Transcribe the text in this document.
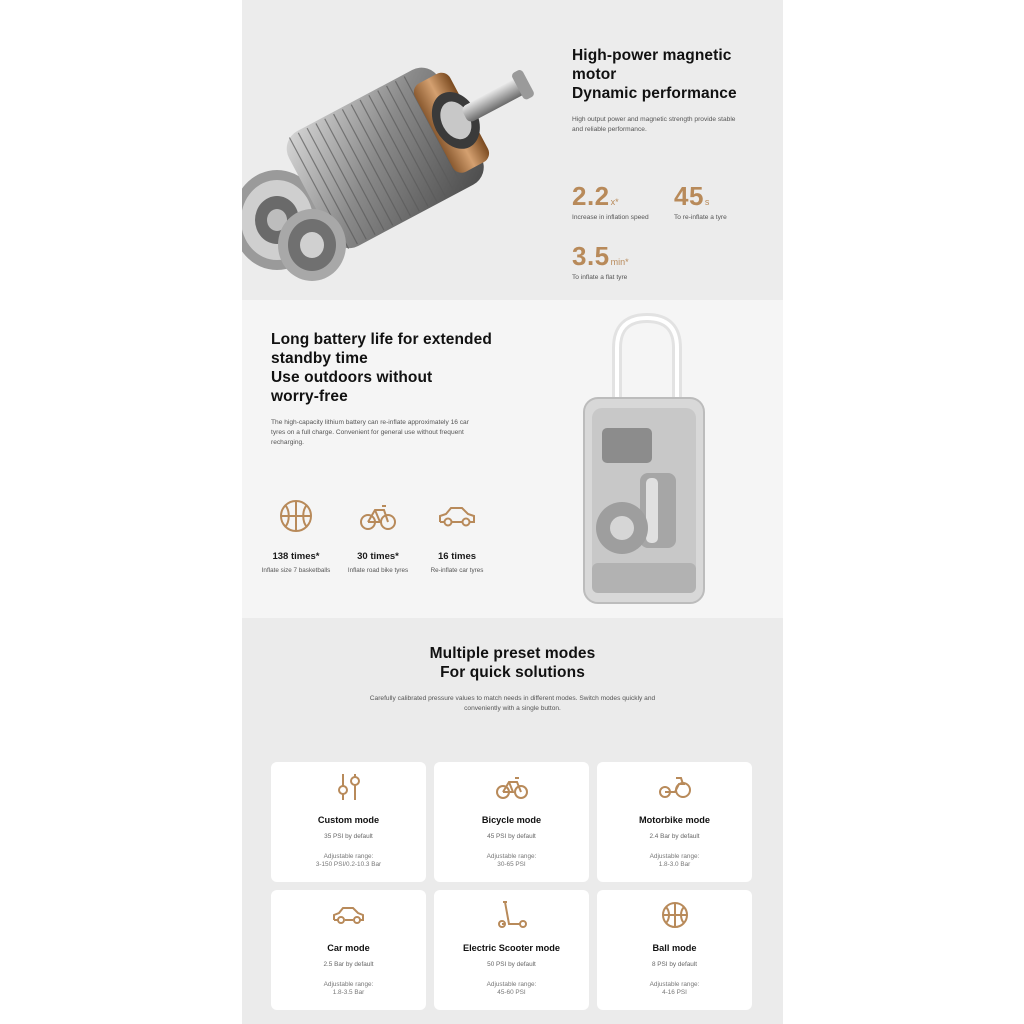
High-power magnetic
motor
Dynamic performance

High output power and magnetic strength provide stable and reliable performance.
2.2x*
Increase in inflation speed
45s
To re-inflate a tyre
3.5min*
To inflate a flat tyre

Long battery life for extended
standby time
Use outdoors without
worry-free

The high-capacity lithium battery can re-inflate approximately 16 car tyres on a full charge. Convenient for general use without frequent recharging.
138 times*
Inflate size 7 basketballs
30 times*
Inflate road bike tyres
16 times
Re-inflate car tyres

Multiple preset modes
For quick solutions

Carefully calibrated pressure values to match needs in different modes. Switch modes quickly and conveniently with a single button.
Custom mode
35 PSI by default
Adjustable range:
3-150 PSI/0.2-10.3 Bar
Bicycle mode
45 PSI by default
Adjustable range:
30-65 PSI
Motorbike mode
2.4 Bar by default
Adjustable range:
1.8-3.0 Bar
Car mode
2.5 Bar by default
Adjustable range:
1.8-3.5 Bar
Electric Scooter mode
50 PSI by default
Adjustable range:
45-60 PSI
Ball mode
8 PSI by default
Adjustable range:
4-16 PSI
